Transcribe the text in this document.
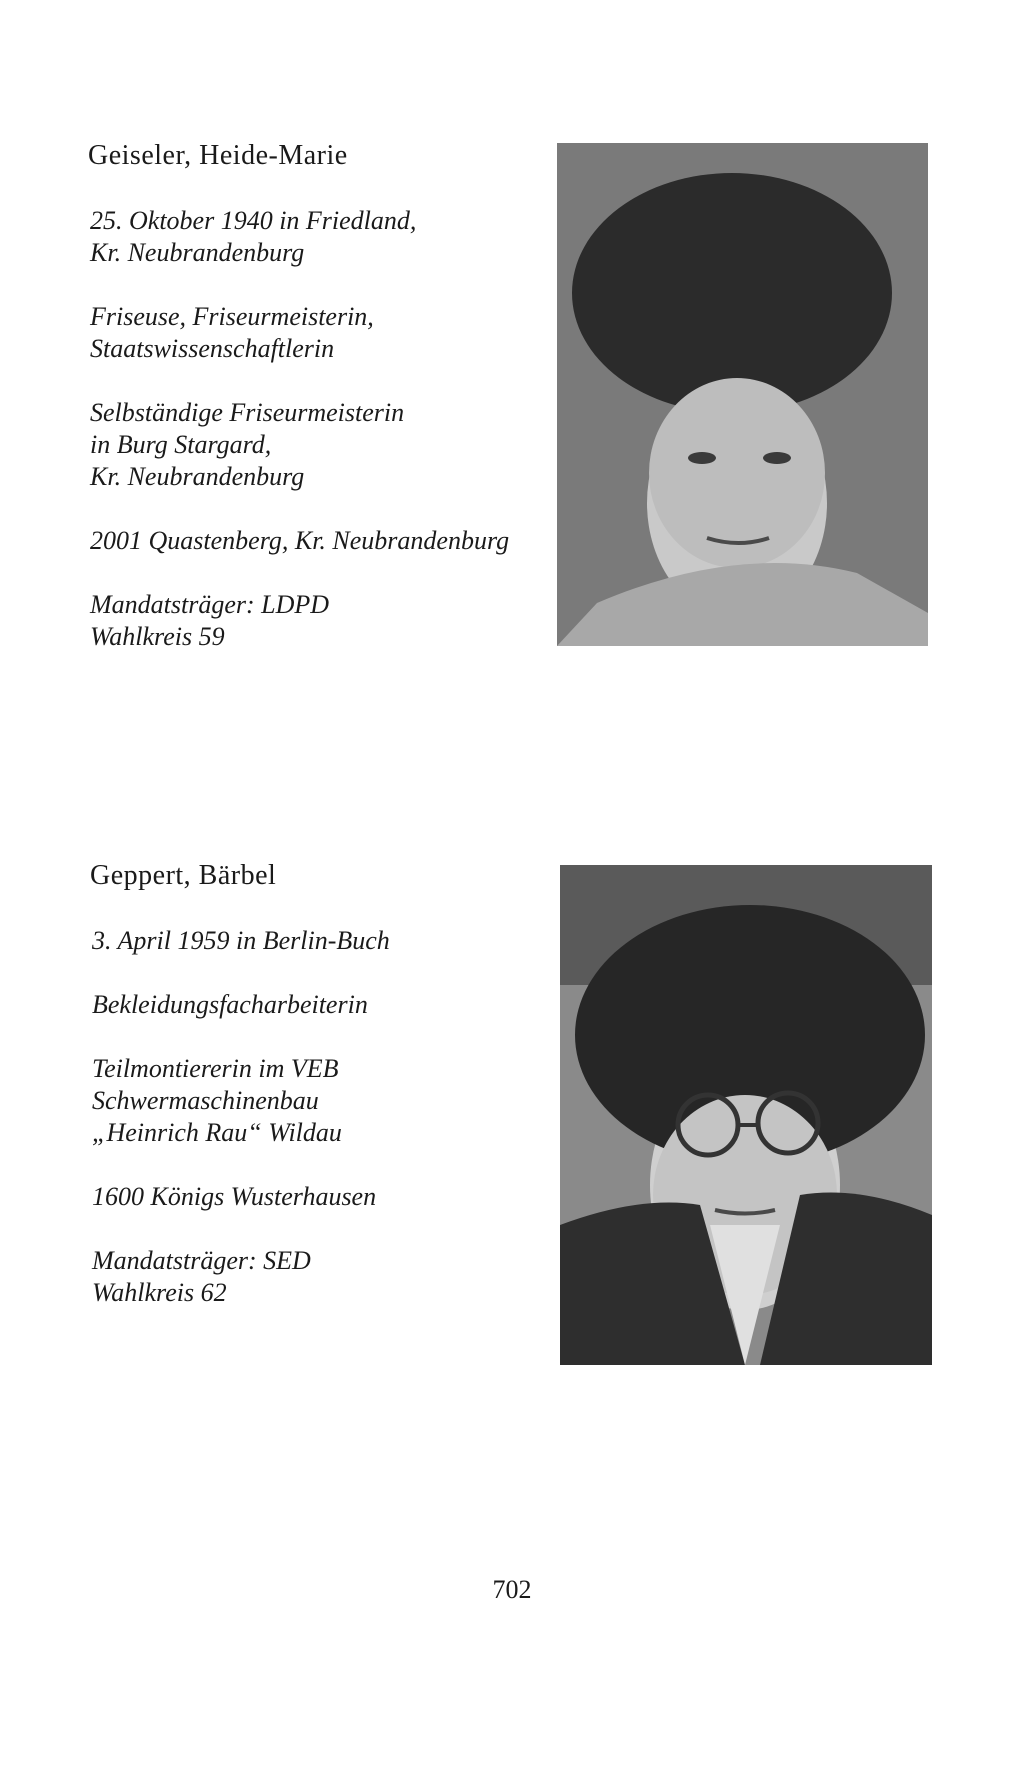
Geiseler, Heide-Marie
25. Oktober 1940 in Friedland,
Kr. Neubrandenburg
Friseuse, Friseurmeisterin,
Staatswissenschaftlerin
Selbständige Friseurmeisterin
in Burg Stargard,
Kr. Neubrandenburg
2001 Quastenberg, Kr. Neubrandenburg
Mandatsträger: LDPD
Wahlkreis 59
Geppert, Bärbel
3. April 1959 in Berlin-Buch
Bekleidungsfacharbeiterin
Teilmontiererin im VEB
Schwermaschinenbau
„Heinrich Rau“ Wildau
1600 Königs Wusterhausen
Mandatsträger: SED
Wahlkreis 62
702
